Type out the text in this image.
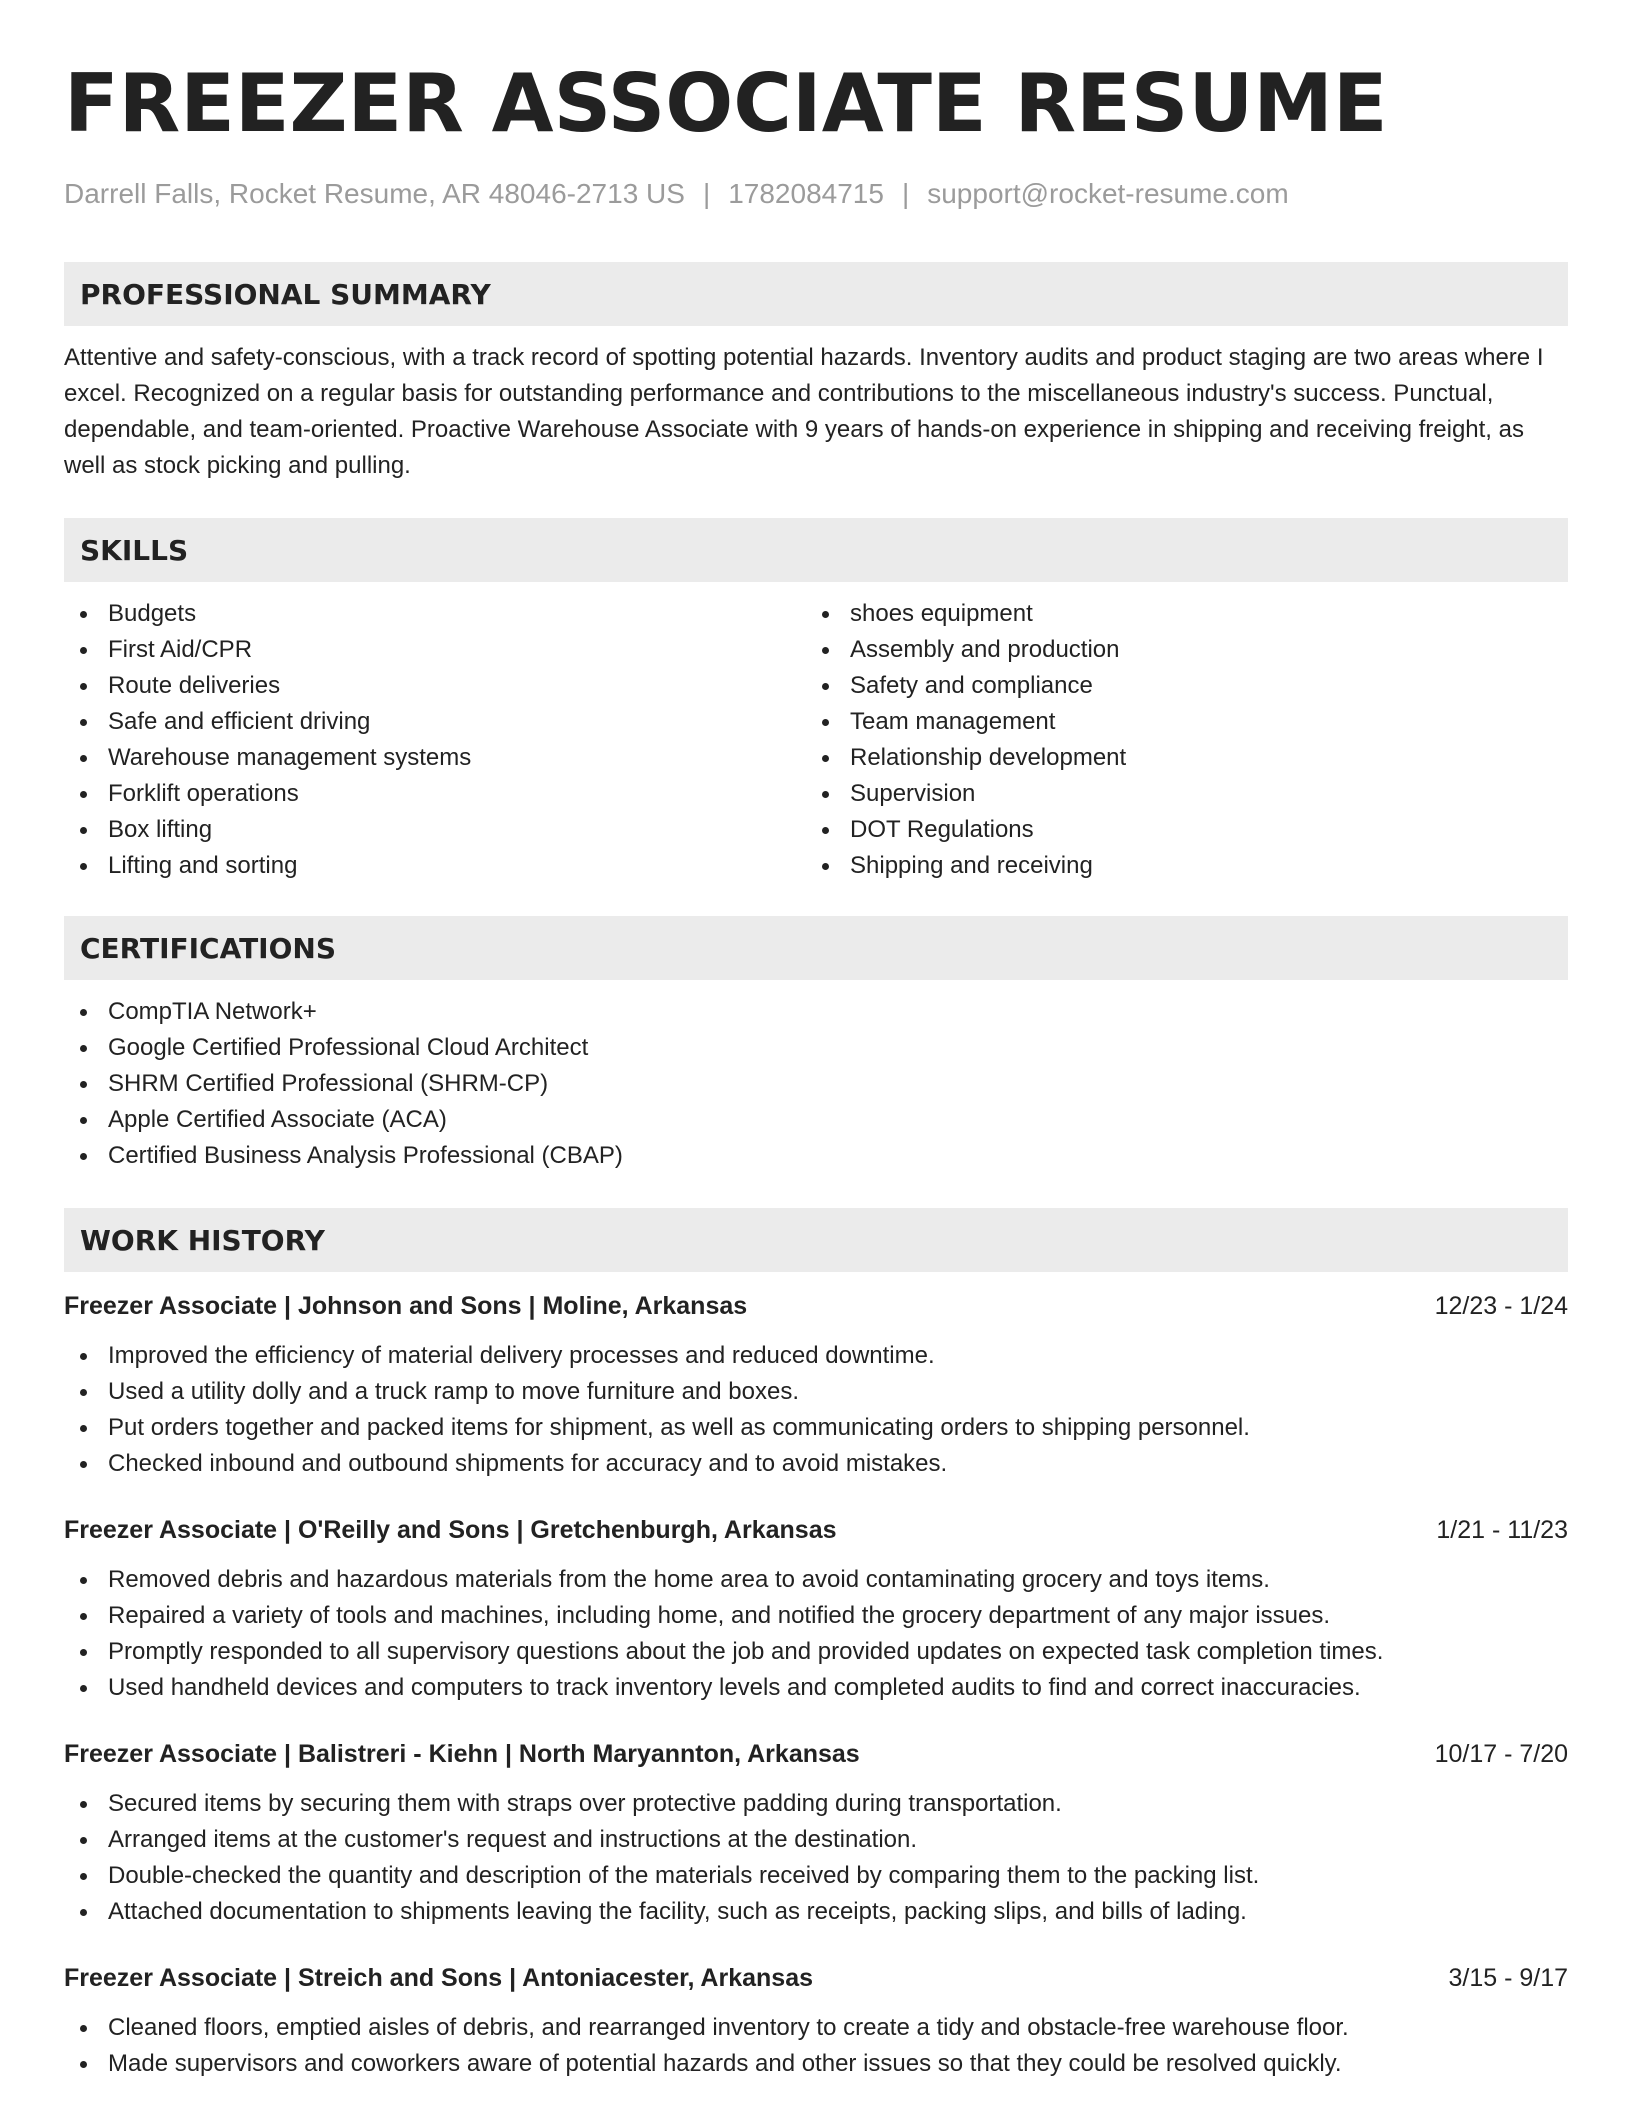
FREEZER ASSOCIATE RESUME
Darrell Falls, Rocket Resume, AR 48046-2713 US | 1782084715 | support@rocket-resume.com
PROFESSIONAL SUMMARY

Attentive and safety-conscious, with a track record of spotting potential hazards. Inventory audits and product staging are two areas where I excel. Recognized on a regular basis for outstanding performance and contributions to the miscellaneous industry's success. Punctual, dependable, and team-oriented. Proactive Warehouse Associate with 9 years of hands-on experience in shipping and receiving freight, as well as stock picking and pulling.

SKILLS
Budgets
First Aid/CPR
Route deliveries
Safe and efficient driving
Warehouse management systems
Forklift operations
Box lifting
Lifting and sorting
shoes equipment
Assembly and production
Safety and compliance
Team management
Relationship development
Supervision
DOT Regulations
Shipping and receiving
CERTIFICATIONS
CompTIA Network+
Google Certified Professional Cloud Architect
SHRM Certified Professional (SHRM-CP)
Apple Certified Associate (ACA)
Certified Business Analysis Professional (CBAP)
WORK HISTORY
Freezer Associate | Johnson and Sons | Moline, Arkansas	12/23 - 1/24
Improved the efficiency of material delivery processes and reduced downtime.
Used a utility dolly and a truck ramp to move furniture and boxes.
Put orders together and packed items for shipment, as well as communicating orders to shipping personnel.
Checked inbound and outbound shipments for accuracy and to avoid mistakes.
Freezer Associate | O'Reilly and Sons | Gretchenburgh, Arkansas	1/21 - 11/23
Removed debris and hazardous materials from the home area to avoid contaminating grocery and toys items.
Repaired a variety of tools and machines, including home, and notified the grocery department of any major issues.
Promptly responded to all supervisory questions about the job and provided updates on expected task completion times.
Used handheld devices and computers to track inventory levels and completed audits to find and correct inaccuracies.
Freezer Associate | Balistreri - Kiehn | North Maryannton, Arkansas	10/17 - 7/20
Secured items by securing them with straps over protective padding during transportation.
Arranged items at the customer's request and instructions at the destination.
Double-checked the quantity and description of the materials received by comparing them to the packing list.
Attached documentation to shipments leaving the facility, such as receipts, packing slips, and bills of lading.
Freezer Associate | Streich and Sons | Antoniacester, Arkansas	3/15 - 9/17
Cleaned floors, emptied aisles of debris, and rearranged inventory to create a tidy and obstacle-free warehouse floor.
Made supervisors and coworkers aware of potential hazards and other issues so that they could be resolved quickly.
